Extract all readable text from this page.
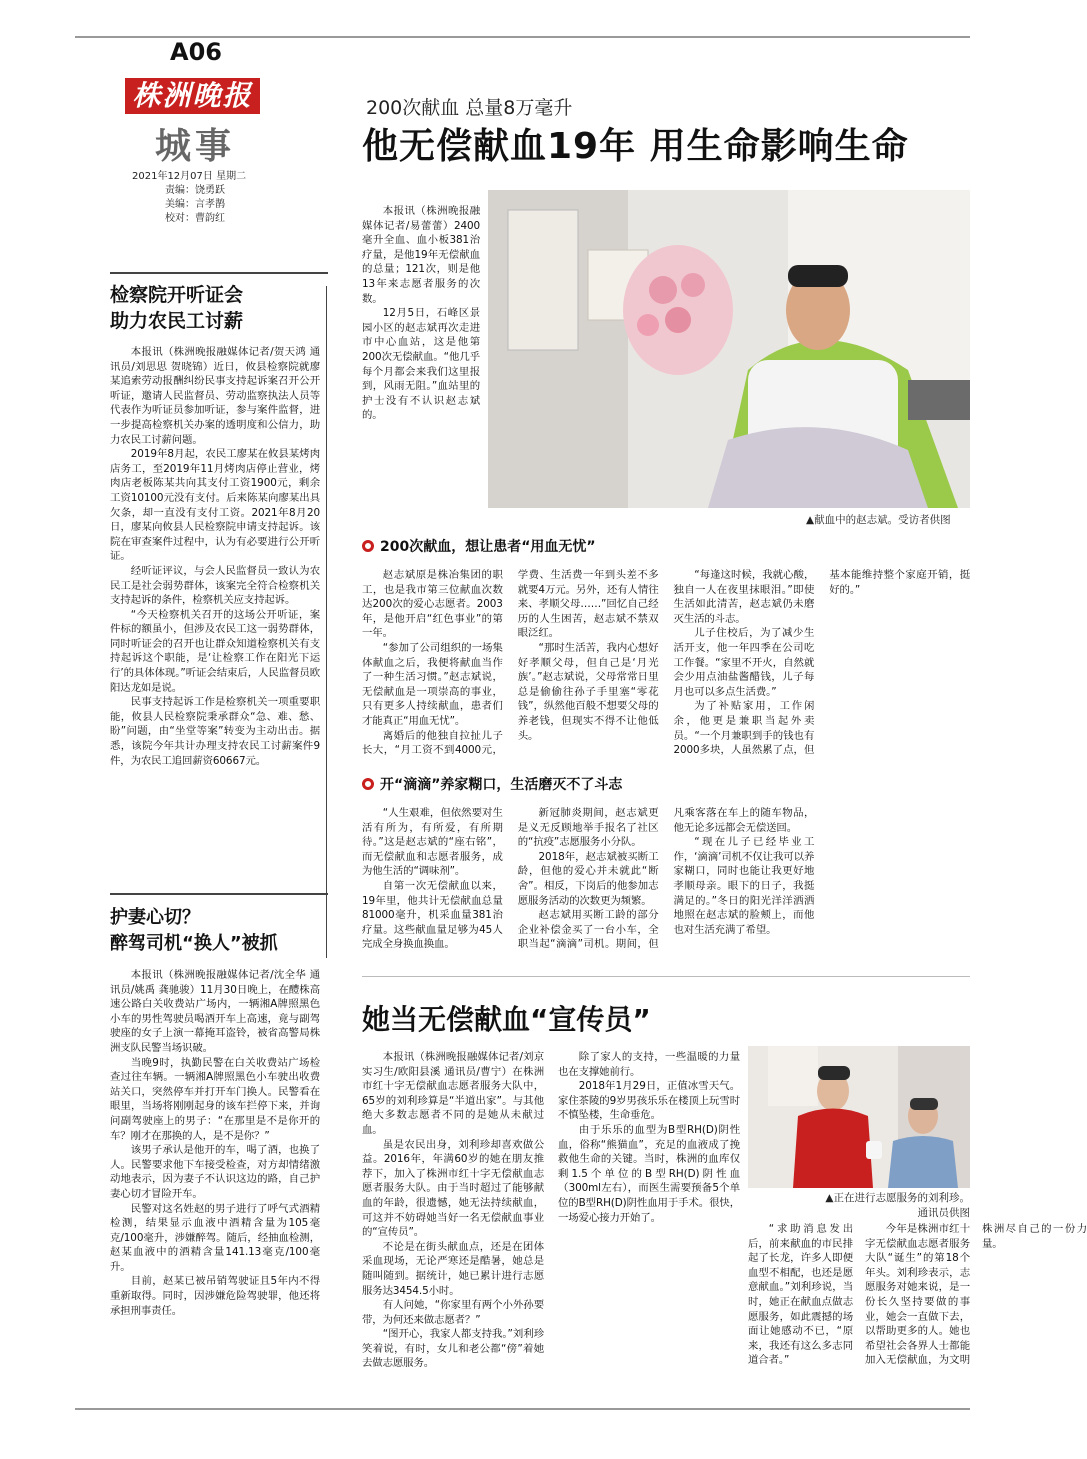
A06
株洲晚报
城事
2021年12月07日 星期二
责编：饶勇跃
美编：言孝鹊
校对：曹韵红
检察院开听证会
助力农民工讨薪

本报讯（株洲晚报融媒体记者/贺天鸿 通讯员/刘思思 贺晓锦）近日，攸县检察院就廖某追索劳动报酬纠纷民事支持起诉案召开公开听证，邀请人民监督员、劳动监察执法人员等代表作为听证员参加听证，参与案件监督，进一步提高检察机关办案的透明度和公信力，助力农民工讨薪问题。

2019年8月起，农民工廖某在攸县某烤肉店务工，至2019年11月烤肉店停止营业，烤肉店老板陈某共向其支付工资1900元，剩余工资10100元没有支付。后来陈某向廖某出具欠条，却一直没有支付工资。2021年8月20日，廖某向攸县人民检察院申请支持起诉。该院在审查案件过程中，认为有必要进行公开听证。

经听证评议，与会人民监督员一致认为农民工是社会弱势群体，该案完全符合检察机关支持起诉的条件，检察机关应支持起诉。

“今天检察机关召开的这场公开听证，案件标的额虽小，但涉及农民工这一弱势群体，同时听证会的召开也让群众知道检察机关有支持起诉这个职能，是‘让检察工作在阳光下运行’的具体体现。”听证会结束后，人民监督员欧阳达龙如是说。

民事支持起诉工作是检察机关一项重要职能，攸县人民检察院秉承群众“急、难、愁、盼”问题，由“坐堂等案”转变为主动出击。据悉，该院今年共计办理支持农民工讨薪案件9件，为农民工追回薪资60667元。

护妻心切？
醉驾司机“换人”被抓

本报讯（株洲晚报融媒体记者/沈全华 通讯员/姚禹 龚驰骏）11月30日晚上，在醴株高速公路白关收费站广场内，一辆湘A牌照黑色小车的男性驾驶员喝酒开车上高速，竟与副驾驶座的女子上演一幕掩耳盗铃，被省高警局株洲支队民警当场识破。

当晚9时，执勤民警在白关收费站广场检查过往车辆。一辆湘A牌照黑色小车驶出收费站关口，突然停车并打开车门换人。民警看在眼里，当场将刚刚起身的该车拦停下来，并询问副驾驶座上的男子：“在那里是不是你开的车？刚才在那换的人，是不是你？”

该男子承认是他开的车，喝了酒，也换了人。民警要求他下车接受检查，对方却情绪激动地表示，因为妻子不认识这边的路，自己护妻心切才冒险开车。

民警对这名姓赵的男子进行了呼气式酒精检测，结果显示血液中酒精含量为105毫克/100毫升，涉嫌醉驾。随后，经抽血检测，赵某血液中的酒精含量141.13毫克/100毫升。

目前，赵某已被吊销驾驶证且5年内不得重新取得。同时，因涉嫌危险驾驶罪，他还将承担刑事责任。

200次献血 总量8万毫升
他无偿献血19年 用生命影响生命

本报讯（株洲晚报融媒体记者/易蕾蕾）2400毫升全血、血小板381治疗量，是他19年无偿献血的总量；121次，则是他13年来志愿者服务的次数。

12月5日，石峰区景园小区的赵志斌再次走进市中心血站，这是他第200次无偿献血。“他几乎每个月都会来我们这里报到，风雨无阻。”血站里的护士没有不认识赵志斌的。

▲献血中的赵志斌。受访者供图
200次献血，想让患者“用血无忧”

赵志斌原是株冶集团的职工，也是我市第三位献血次数达200次的爱心志愿者。2003年，是他开启“红色事业”的第一年。

“参加了公司组织的一场集体献血之后，我便将献血当作了一种生活习惯。”赵志斌说，无偿献血是一项崇高的事业，只有更多人持续献血，患者们才能真正“用血无忧”。

离婚后的他独自拉扯儿子长大，“月工资不到4000元，学费、生活费一年到头差不多就要4万元。另外，还有人情往来、孝顺父母……”回忆自己经历的人生困苦，赵志斌不禁双眼泛红。

“那时生活苦，我内心想好好孝顺父母，但自己是‘月光族’。”赵志斌说，父母常常日里总是偷偷往孙子手里塞“零花钱”，纵然他百般不想要父母的养老钱，但现实不得不让他低头。

“每逢这时候，我就心酸，独自一人在夜里抹眼泪。”即使生活如此清苦，赵志斌仍未磨灭生活的斗志。

儿子住校后，为了减少生活开支，他一年四季在公司吃工作餐。“家里不开火，自然就会少用点油盐酱醋钱，儿子每月也可以多点生活费。”

为了补贴家用，工作闲余，他更是兼职当起外卖员。“一个月兼职到手的钱也有2000多块，人虽然累了点，但基本能维持整个家庭开销，挺好的。”

开“滴滴”养家糊口，生活磨灭不了斗志

“人生艰难，但依然要对生活有所为，有所爱，有所期待。”这是赵志斌的“座右铭”，而无偿献血和志愿者服务，成为他生活的“调味剂”。

自第一次无偿献血以来，19年里，他共计无偿献血总量81000毫升，机采血量381治疗量。这些献血量足够为45人完成全身换血换血。

新冠肺炎期间，赵志斌更是义无反顾地举手报名了社区的“抗疫”志愿服务小分队。

2018年，赵志斌被买断工龄，但他的爱心并未就此“断舍”。相反，下岗后的他参加志愿服务活动的次数更为频繁。

赵志斌用买断工龄的部分企业补偿金买了一台小车，全职当起“滴滴”司机。期间，但凡乘客落在车上的随车物品，他无论多远都会无偿送回。

“现在儿子已经毕业工作，‘滴滴’司机不仅让我可以养家糊口，同时也能让我更好地孝顺母亲。眼下的日子，我挺满足的。”冬日的阳光洋洋洒洒地照在赵志斌的脸颊上，而他也对生活充满了希望。

她当无偿献血“宣传员”

本报讯（株洲晚报融媒体记者/刘京 实习生/欧阳县溪 通讯员/曹宁）在株洲市红十字无偿献血志愿者服务大队中，65岁的刘利珍算是“半道出家”。与其他绝大多数志愿者不同的是她从未献过血。

虽是农民出身，刘利珍却喜欢做公益。2016年，年满60岁的她在朋友推荐下，加入了株洲市红十字无偿献血志愿者服务大队。由于当时超过了能够献血的年龄，很遗憾，她无法持续献血，可这并不妨碍她当好一名无偿献血事业的“宣传员”。

不论是在街头献血点，还是在团体采血现场，无论严寒还是酷暑，她总是随叫随到。据统计，她已累计进行志愿服务达3454.5小时。

有人问她，“你家里有两个小外孙要带，为何还来做志愿者？”

“图开心，我家人都支持我。”刘利珍笑着说，有时，女儿和老公都“傍”着她去做志愿服务。

除了家人的支持，一些温暖的力量也在支撑她前行。

2018年1月29日，正值冰雪天气。家住茶陵的9岁男孩乐乐在楼顶上玩雪时不慎坠楼，生命垂危。

由于乐乐的血型为B型RH(D)阴性血，俗称“熊猫血”，充足的血液成了挽救他生命的关键。当时，株洲的血库仅剩1.5个单位的B型RH(D)阴性血（300ml左右），而医生需要预备5个单位的B型RH(D)阴性血用于手术。很快，一场爱心接力开始了。

▲正在进行志愿服务的刘利珍。
通讯员供图

“求助消息发出后，前来献血的市民排起了长龙，许多人即便血型不相配，也还是愿意献血。”刘利珍说，当时，她正在献血点做志愿服务，如此震撼的场面让她感动不已，“原来，我还有这么多志同道合者。”

今年是株洲市红十字无偿献血志愿者服务大队“诞生”的第18个年头。刘利珍表示，志愿服务对她来说，是一份长久坚持要做的事业，她会一直做下去，以帮助更多的人。她也希望社会各界人士都能加入无偿献血，为文明株洲尽自己的一份力量。
